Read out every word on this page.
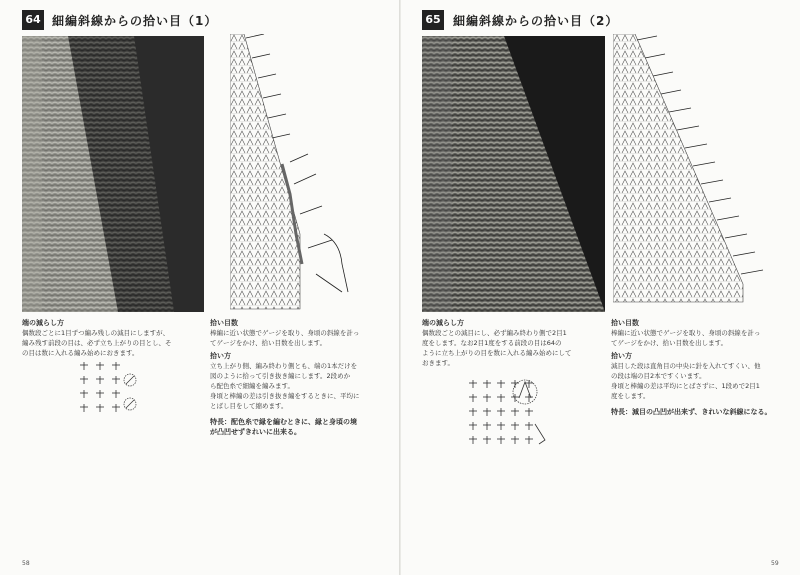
64 細編斜線からの拾い目（1）

端の減らし方

偶数段ごとに1目ずつ編み残しの減目にしますが、

編み残す前段の目は、必ず立ち上がりの目とし、そ

の目は数に入れる編み始めにおきます。

拾い目数

棒編に近い状態でゲージを取り、身頃の斜線を計っ

てゲージをかけ、拾い目数を出します。

拾い方

立ち上がり側、編み終わり側とも、端の1本だけを

図のように拾って引き抜き編にします。2段めか

ら配色糸で細編を編みます。

身頃と棒編の差は引き抜き編をするときに、平均に

とばし目をして縮めます。

特長：配色糸で縁を編むときに、縁と身頃の境

が凸凹せずきれいに出来る。

58
65 細編斜線からの拾い目（2）

端の減らし方

偶数段ごとの減目にし、必ず編み終わり側で2目1

度をします。なお2目1度をする前段の目は64の

ように立ち上がりの目を数に入れる編み始めにして

おきます。

拾い目数

棒編に近い状態でゲージを取り、身頃の斜線を計っ

てゲージをかけ、拾い目数を出します。

拾い方

減目した段は直角目の中央に針を入れてすくい、他

の段は端の目2本ですくいます。

身頃と棒編の差は平均にとばさずに、1段めで2目1

度をします。

特長：減目の凸凹が出来ず、きれいな斜線になる。

59
